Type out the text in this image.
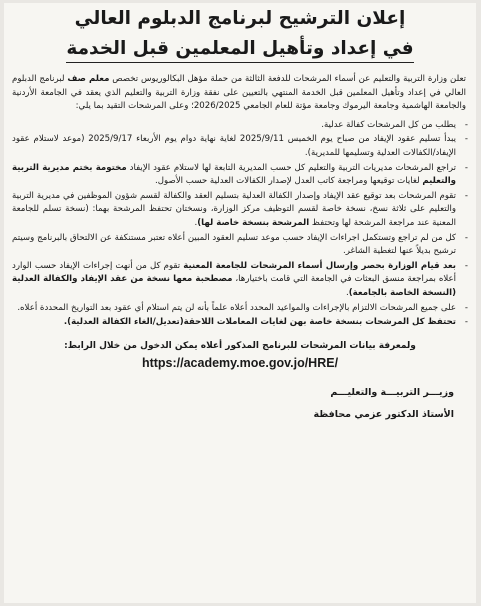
إعلان الترشيح لبرنامج الدبلوم العالي
في إعداد وتأهيل المعلمين قبل الخدمة
تعلن وزارة التربية والتعليم عن أسماء المرشحات للدفعة الثالثة من حملة مؤهل البكالوريوس تخصص معلم صف لبرنامج الدبلوم العالي في إعداد وتأهيل المعلمين قبل الخدمة المنتهي بالتعيين على نفقة وزارة التربية والتعليم الذي يعقد في الجامعة الأردنية والجامعة الهاشمية وجامعة اليرموك وجامعة مؤتة للعام الجامعي 2026/2025؛ وعلى المرشحات التقيد بما يلي:
-
يطلب من كل المرشحات كفالة عدلية.
-
يبدأ تسليم عقود الإيفاد من صباح يوم الخميس 2025/9/11 لغاية نهاية دوام يوم الأربعاء 2025/9/17 (موعد لاستلام عقود الإيفاد/الكفالات العدلية وتسليمها للمديرية).
-
تراجع المرشحات مديريات التربية والتعليم كل حسب المديرية التابعة لها لاستلام عقود الإيفاد مختومة بختم مديرية التربية والتعليم لغايات توقيعها ومراجعة كاتب العدل لإصدار الكفالات العدلية حسب الأصول.
-
تقوم المرشحات بعد توقيع عقد الإيفاد وإصدار الكفالة العدلية بتسليم العقد والكفالة لقسم شؤون الموظفين في مديرية التربية والتعليم على ثلاثة نسخ، نسخة خاصة لقسم التوظيف مركز الوزارة، ونسختان تحتفظ المرشحة بهما: (نسخة تسلم للجامعة المعنية عند مراجعة المرشحة لها وتحتفظ المرشحة بنسخة خاصة لها).
-
كل من لم تراجع وتستكمل اجراءات الإيفاد حسب موعد تسليم العقود المبين أعلاه تعتبر مستنكفة عن الالتحاق بالبرنامج وسيتم ترشيح بديلاً عنها لتغطية الشاغر.
-
بعد قيام الوزارة بحصر وإرسال أسماء المرشحات للجامعة المعنية تقوم كل من أنهت إجراءات الإيفاد حسب الوارد أعلاه بمراجعة منسق البعثات في الجامعة التي قامت باختيارها، مصطحبة معها نسخة من عقد الإيفاد والكفالة العدلية (النسخة الخاصة بالجامعة).
-
على جميع المرشحات الالتزام بالإجراءات والمواعيد المحدد أعلاه علماً بأنه لن يتم استلام أي عقود بعد التواريخ المحددة أعلاه.
-
تحتفظ كل المرشحات بنسخة خاصة بهن لغايات المعاملات اللاحقة(تعديل/الغاء الكفالة العدلية).
ولمعرفة بيانات المرشحات للبرنامج المذكور أعلاه يمكن الدخول من خلال الرابط:
https://academy.moe.gov.jo/HRE/
وزيـــر التربيـــة والتعليـــم
الأستاذ الدكتور عزمي محافظة
